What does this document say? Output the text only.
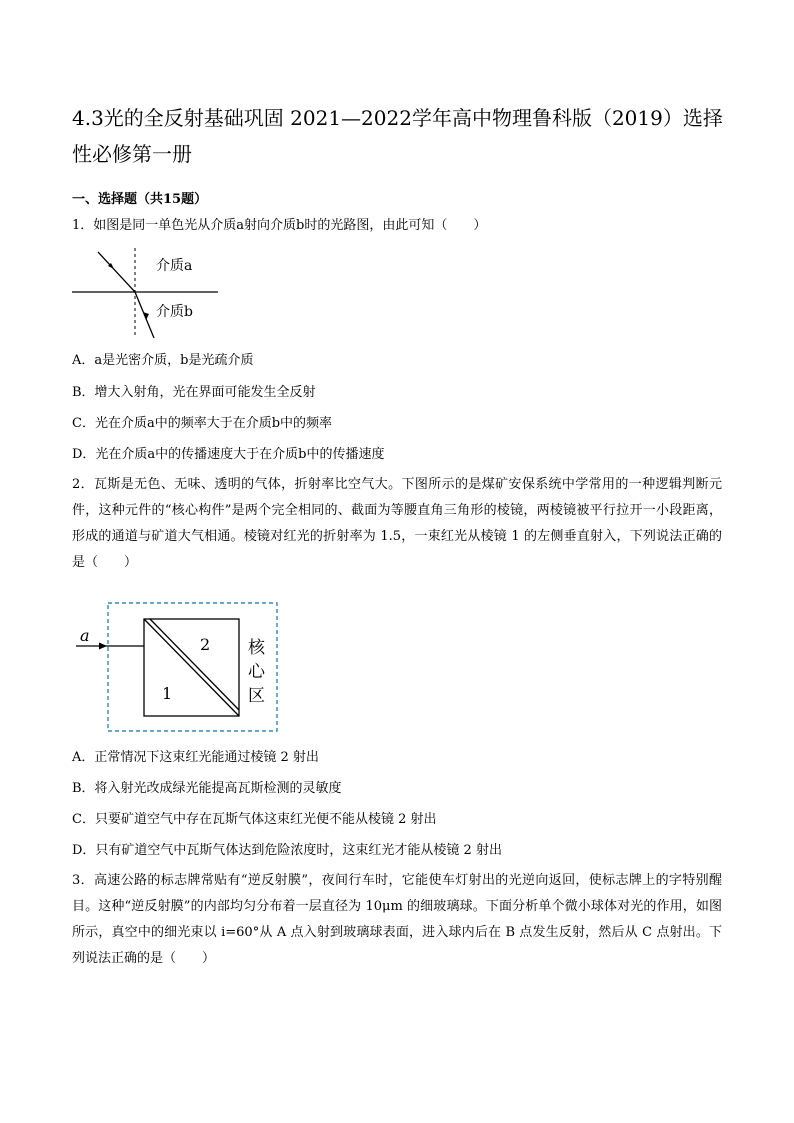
4.3光的全反射基础巩固 2021—2022学年高中物理鲁科版（2019）选择性必修第一册
一、选择题（共15题）
1．如图是同一单色光从介质a射向介质b时的光路图，由此可知（　　）
介质a
介质b
A．a是光密介质，b是光疏介质
B．增大入射角，光在界面可能发生全反射
C．光在介质a中的频率大于在介质b中的频率
D．光在介质a中的传播速度大于在介质b中的传播速度
2．瓦斯是无色、无味、透明的气体，折射率比空气大。下图所示的是煤矿安保系统中学常用的一种逻辑判断元件，这种元件的“核心构件”是两个完全相同的、截面为等腰直角三角形的棱镜，两棱镜被平行拉开一小段距离，形成的通道与矿道大气相通。棱镜对红光的折射率为 1.5，一束红光从棱镜 1 的左侧垂直射入，下列说法正确的是（　　）
a	2
1
核
心
区
A．正常情况下这束红光能通过棱镜 2 射出
B．将入射光改成绿光能提高瓦斯检测的灵敏度
C．只要矿道空气中存在瓦斯气体这束红光便不能从棱镜 2 射出
D．只有矿道空气中瓦斯气体达到危险浓度时，这束红光才能从棱镜 2 射出
3．高速公路的标志牌常贴有“逆反射膜”，夜间行车时，它能使车灯射出的光逆向返回，使标志牌上的字特别醒目。这种“逆反射膜”的内部均匀分布着一层直径为 10μm 的细玻璃球。下面分析单个微小球体对光的作用，如图所示，真空中的细光束以 i=60°从 A 点入射到玻璃球表面，进入球内后在 B 点发生反射，然后从 C 点射出。下列说法正确的是（　　）
